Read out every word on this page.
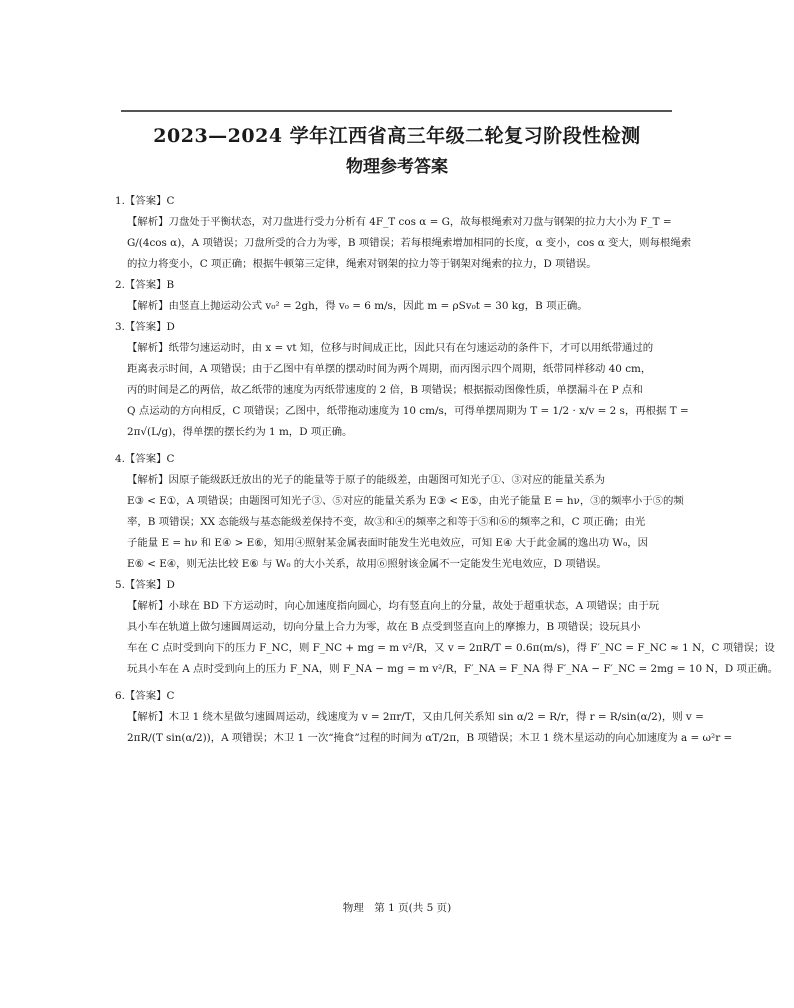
2023—2024 学年江西省高三年级二轮复习阶段性检测
物理参考答案

1.【答案】C

【解析】刀盘处于平衡状态，对刀盘进行受力分析有 4F_T cos α = G，故每根绳索对刀盘与钢架的拉力大小为 F_T =
G/(4cos α)，A 项错误；刀盘所受的合力为零，B 项错误；若每根绳索增加相同的长度，α 变小，cos α 变大，则每根绳索
的拉力将变小，C 项正确；根据牛顿第三定律，绳索对钢架的拉力等于钢架对绳索的拉力，D 项错误。

2.【答案】B

【解析】由竖直上抛运动公式 v₀² = 2gh，得 v₀ = 6 m/s，因此 m = ρSv₀t = 30 kg，B 项正确。

3.【答案】D

【解析】纸带匀速运动时，由 x = vt 知，位移与时间成正比，因此只有在匀速运动的条件下，才可以用纸带通过的
距离表示时间，A 项错误；由于乙图中有单摆的摆动时间为两个周期，而丙图示四个周期，纸带同样移动 40 cm，
丙的时间是乙的两倍，故乙纸带的速度为丙纸带速度的 2 倍，B 项错误；根据振动图像性质，单摆漏斗在 P 点和
Q 点运动的方向相反，C 项错误；乙图中，纸带拖动速度为 10 cm/s，可得单摆周期为 T = 1/2 · x/v = 2 s，再根据 T =
2π√(L/g)，得单摆的摆长约为 1 m，D 项正确。

4.【答案】C

【解析】因原子能级跃迁放出的光子的能量等于原子的能级差，由题图可知光子①、③对应的能量关系为
E③ < E①，A 项错误；由题图可知光子③、⑤对应的能量关系为 E③ < E⑤，由光子能量 E = hν，③的频率小于⑤的频
率，B 项错误；XX 态能级与基态能级差保持不变，故③和④的频率之和等于⑤和⑥的频率之和，C 项正确；由光
子能量 E = hν 和 E④ > E⑥，知用④照射某金属表面时能发生光电效应，可知 E④ 大于此金属的逸出功 W₀，因
E⑥ < E④，则无法比较 E⑥ 与 W₀ 的大小关系，故用⑥照射该金属不一定能发生光电效应，D 项错误。

5.【答案】D

【解析】小球在 BD 下方运动时，向心加速度指向圆心，均有竖直向上的分量，故处于超重状态，A 项错误；由于玩
具小车在轨道上做匀速圆周运动，切向分量上合力为零，故在 B 点受到竖直向上的摩擦力，B 项错误；设玩具小
车在 C 点时受到向下的压力 F_NC，则 F_NC + mg = m v²/R，又 v = 2πR/T = 0.6π(m/s)，得 F′_NC = F_NC ≈ 1 N，C 项错误；设
玩具小车在 A 点时受到向上的压力 F_NA，则 F_NA − mg = m v²/R，F′_NA = F_NA 得 F′_NA − F′_NC = 2mg = 10 N，D 项正确。

6.【答案】C

【解析】木卫 1 绕木星做匀速圆周运动，线速度为 v = 2πr/T，又由几何关系知 sin α/2 = R/r，得 r = R/sin(α/2)，则 v =
2πR/(T sin(α/2))，A 项错误；木卫 1 一次“掩食”过程的时间为 αT/2π，B 项错误；木卫 1 绕木星运动的向心加速度为 a = ω²r =

物理　第 1 页(共 5 页)
